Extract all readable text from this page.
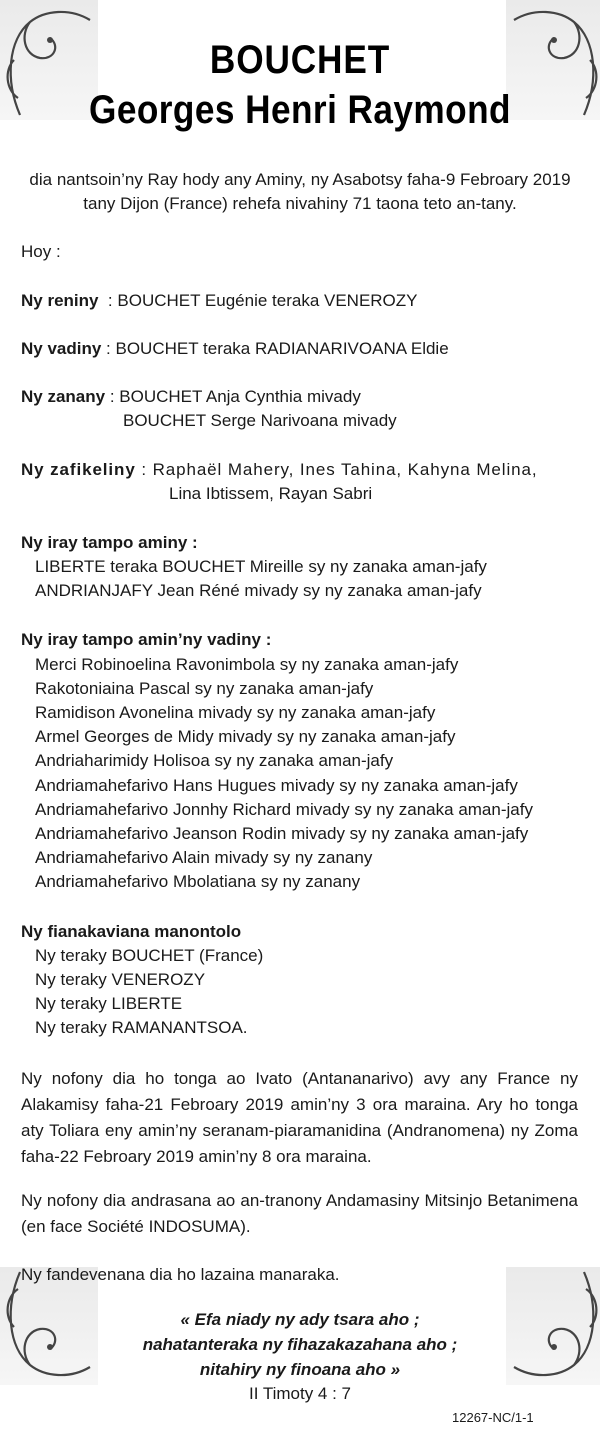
BOUCHET
Georges Henri Raymond
dia nantsoin’ny Ray hody any Aminy, ny Asabotsy faha-9 Febroary 2019
tany Dijon (France) rehefa nivahiny 71 taona teto an-tany.
Hoy :
Ny reniny  : BOUCHET Eugénie teraka VENEROZY
Ny vadiny : BOUCHET teraka RADIANARIVOANA Eldie
Ny zanany : BOUCHET Anja Cynthia mivady
BOUCHET Serge Narivoana mivady
Ny zafikeliny : Raphaël Mahery, Ines Tahina, Kahyna Melina,
Lina Ibtissem, Rayan Sabri
Ny iray tampo aminy :
LIBERTE teraka BOUCHET Mireille sy ny zanaka aman-jafy
ANDRIANJAFY Jean Réné mivady sy ny zanaka aman-jafy
Ny iray tampo amin’ny vadiny :
Merci Robinoelina Ravonimbola sy ny zanaka aman-jafy
Rakotoniaina Pascal sy ny zanaka aman-jafy
Ramidison Avonelina mivady sy ny zanaka aman-jafy
Armel Georges de Midy mivady sy ny zanaka aman-jafy
Andriaharimidy Holisoa sy ny zanaka aman-jafy
Andriamahefarivo Hans Hugues mivady sy ny zanaka aman-jafy
Andriamahefarivo Jonnhy Richard mivady sy ny zanaka aman-jafy
Andriamahefarivo Jeanson Rodin mivady sy ny zanaka aman-jafy
Andriamahefarivo Alain mivady sy ny zanany
Andriamahefarivo Mbolatiana sy ny zanany
Ny fianakaviana manontolo
Ny teraky BOUCHET (France)
Ny teraky VENEROZY
Ny teraky LIBERTE
Ny teraky RAMANANTSOA.
Ny nofony dia ho tonga ao Ivato (Antananarivo) avy any France ny Alakamisy faha-21 Febroary 2019 amin’ny 3 ora maraina. Ary ho tonga aty Toliara eny amin’ny seranam-piaramanidina (Andranomena) ny Zoma faha-22 Febroary 2019 amin’ny 8 ora maraina.
Ny nofony dia andrasana ao an-tranony Andamasiny Mitsinjo Betanimena (en face Société INDOSUMA).
Ny fandevenana dia ho lazaina manaraka.
« Efa niady ny ady tsara aho ;
nahatanteraka ny fihazakazahana aho ;
nitahiry ny finoana aho »
II Timoty 4 : 7
12267-NC/1-1
